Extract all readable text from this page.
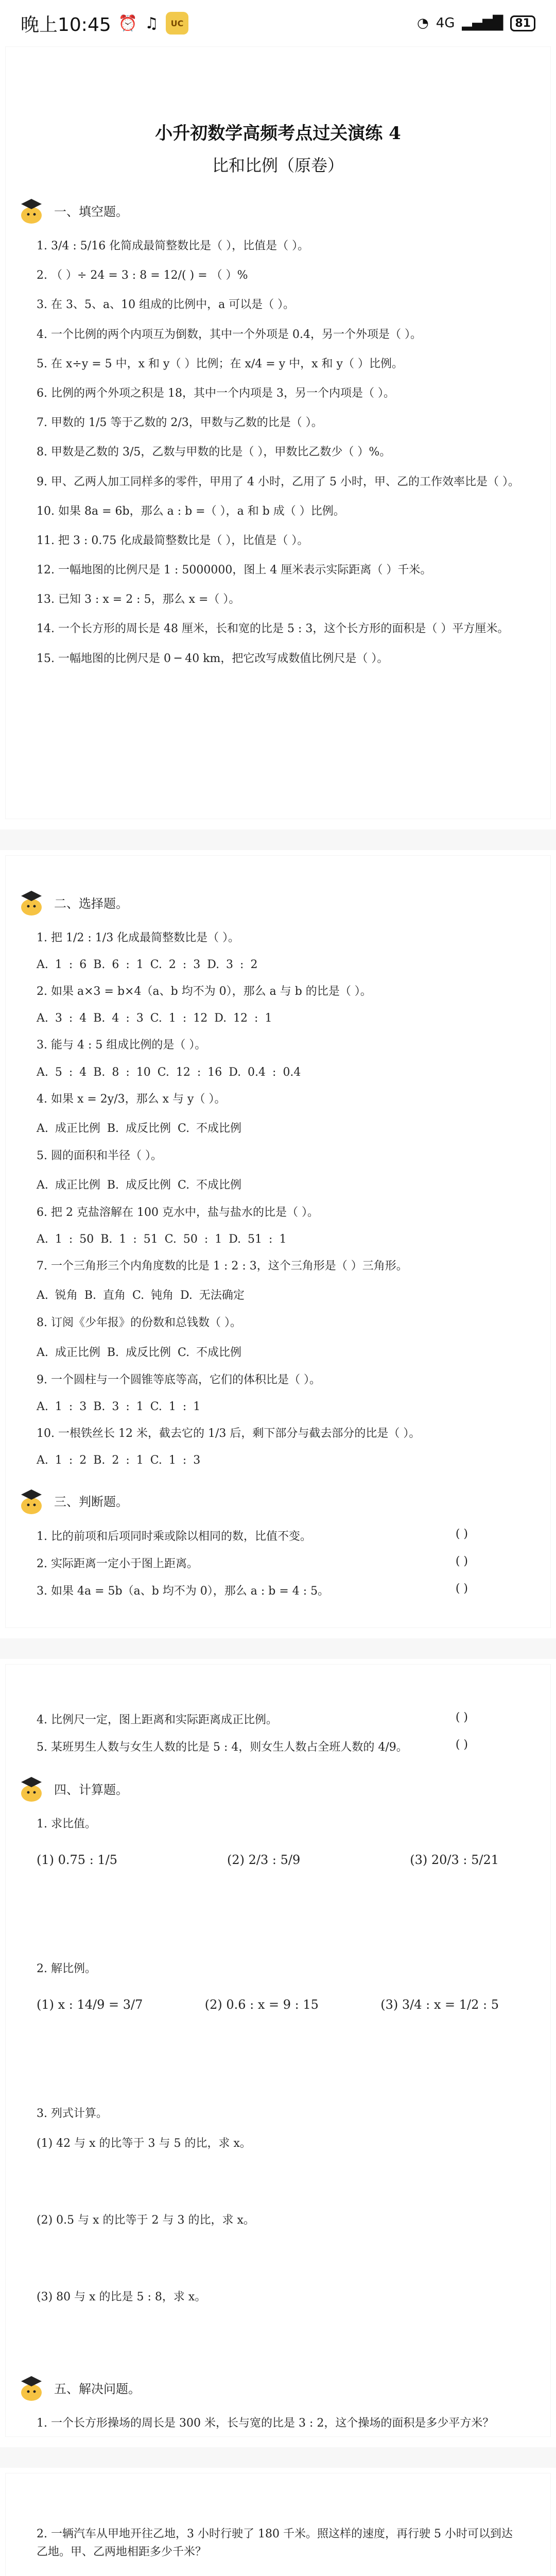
晚上10:45 ⏰ ♫	UC	◔ 4G ▂▄▆█	81
小升初数学高频考点过关演练 4
比和比例（原卷）
一、填空题。
1. 3/4 : 5/16 化简成最简整数比是（ ），比值是（ ）。
2. （ ）÷ 24 = 3 : 8 = 12/( ) = （ ）%
3. 在 3、5、a、10 组成的比例中，a 可以是（ ）。
4. 一个比例的两个内项互为倒数，其中一个外项是 0.4，另一个外项是（ ）。
5. 在 x÷y = 5 中，x 和 y（ ）比例；在 x/4 = y 中，x 和 y（ ）比例。
6. 比例的两个外项之积是 18，其中一个内项是 3，另一个内项是（ ）。
7. 甲数的 1/5 等于乙数的 2/3，甲数与乙数的比是（ ）。
8. 甲数是乙数的 3/5，乙数与甲数的比是（ ），甲数比乙数少（ ）%。
9. 甲、乙两人加工同样多的零件，甲用了 4 小时，乙用了 5 小时，甲、乙的工作效率比是（ ）。
10. 如果 8a = 6b，那么 a : b =（ ），a 和 b 成（ ）比例。
11. 把 3 : 0.75 化成最简整数比是（ ），比值是（ ）。
12. 一幅地图的比例尺是 1 : 5000000，图上 4 厘米表示实际距离（ ）千米。
13. 已知 3 : x = 2 : 5，那么 x =（ ）。
14. 一个长方形的周长是 48 厘米，长和宽的比是 5 : 3，这个长方形的面积是（ ）平方厘米。
15. 一幅地图的比例尺是 0 ─ 40 km，把它改写成数值比例尺是（ ）。
二、选择题。
1. 把 1/2 : 1/3 化成最简整数比是（ ）。
A. 1 : 6 B. 6 : 1 C. 2 : 3 D. 3 : 2
2. 如果 a×3 = b×4（a、b 均不为 0），那么 a 与 b 的比是（ ）。
A. 3 : 4 B. 4 : 3 C. 1 : 12 D. 12 : 1
3. 能与 4 : 5 组成比例的是（ ）。
A. 5 : 4 B. 8 : 10 C. 12 : 16 D. 0.4 : 0.4
4. 如果 x = 2y/3，那么 x 与 y（ ）。
A. 成正比例 B. 成反比例 C. 不成比例
5. 圆的面积和半径（ ）。
A. 成正比例 B. 成反比例 C. 不成比例
6. 把 2 克盐溶解在 100 克水中，盐与盐水的比是（ ）。
A. 1 : 50 B. 1 : 51 C. 50 : 1 D. 51 : 1
7. 一个三角形三个内角度数的比是 1 : 2 : 3，这个三角形是（ ）三角形。
A. 锐角 B. 直角 C. 钝角 D. 无法确定
8. 订阅《少年报》的份数和总钱数（ ）。
A. 成正比例 B. 成反比例 C. 不成比例
9. 一个圆柱与一个圆锥等底等高，它们的体积比是（ ）。
A. 1 : 3 B. 3 : 1 C. 1 : 1
10. 一根铁丝长 12 米，截去它的 1/3 后，剩下部分与截去部分的比是（ ）。
A. 1 : 2 B. 2 : 1 C. 1 : 3
三、判断题。
1. 比的前项和后项同时乘或除以相同的数，比值不变。	( )
2. 实际距离一定小于图上距离。	( )
3. 如果 4a = 5b（a、b 均不为 0），那么 a : b = 4 : 5。	( )
4. 比例尺一定，图上距离和实际距离成正比例。	( )
5. 某班男生人数与女生人数的比是 5 : 4，则女生人数占全班人数的 4/9。	( )
四、计算题。
1. 求比值。
(1) 0.75 : 1/5	(2) 2/3 : 5/9	(3) 20/3 : 5/21
2. 解比例。
(1) x : 14/9 = 3/7	(2) 0.6 : x = 9 : 15	(3) 3/4 : x = 1/2 : 5
3. 列式计算。
(1) 42 与 x 的比等于 3 与 5 的比，求 x。
(2) 0.5 与 x 的比等于 2 与 3 的比，求 x。
(3) 80 与 x 的比是 5 : 8，求 x。
五、解决问题。
1. 一个长方形操场的周长是 300 米，长与宽的比是 3 : 2，这个操场的面积是多少平方米？
2. 一辆汽车从甲地开往乙地，3 小时行驶了 180 千米。照这样的速度，再行驶 5 小时可以到达乙地。甲、乙两地相距多少千米？
